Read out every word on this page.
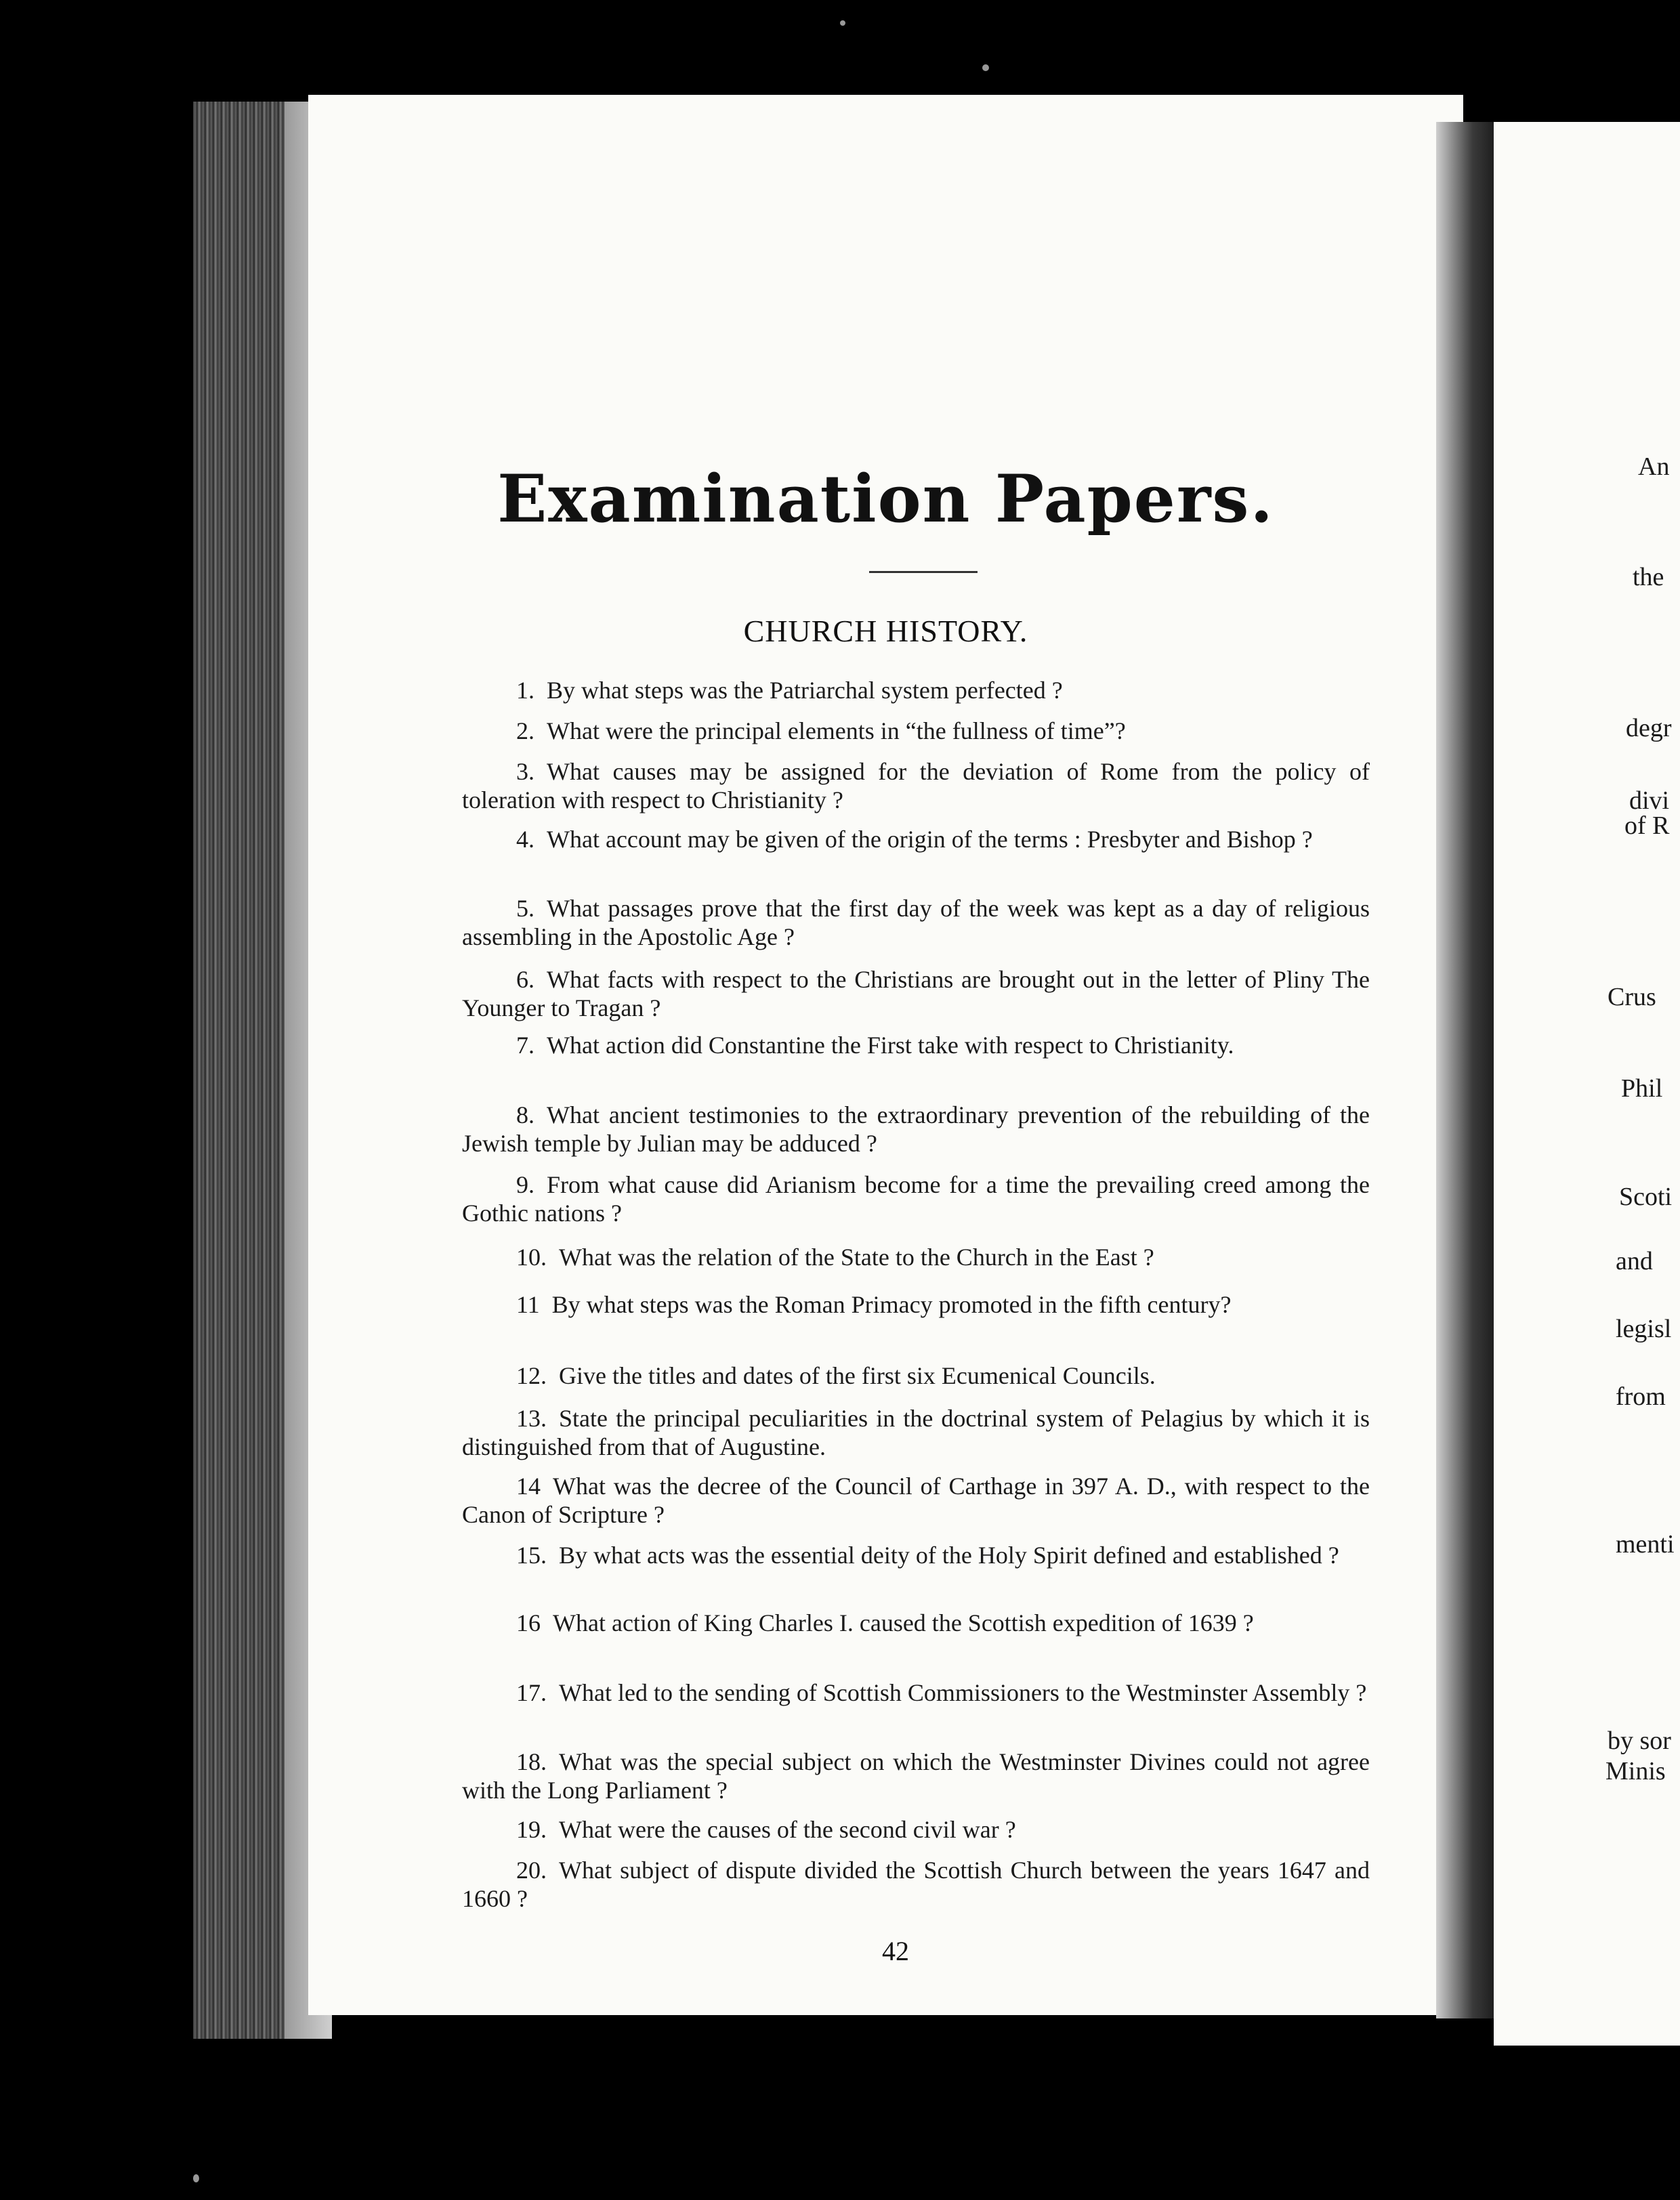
An
the
degr
divi
of R
Crus
Phil
Scoti
and
legisl
from
menti
by sor
Minis
Examination Papers.
CHURCH HISTORY.
1. By what steps was the Patriarchal system perfected ?
2. What were the principal elements in “the fullness of time”?
3. What causes may be assigned for the deviation of Rome from the policy of toleration with respect to Christianity ?
4. What account may be given of the origin of the terms : Presbyter and Bishop ?
5. What passages prove that the first day of the week was kept as a day of religious assembling in the Apostolic Age ?
6. What facts with respect to the Christians are brought out in the letter of Pliny The Younger to Tragan ?
7. What action did Constantine the First take with respect to Christianity.
8. What ancient testimonies to the extraordinary prevention of the rebuilding of the Jewish temple by Julian may be adduced ?
9. From what cause did Arianism become for a time the prevailing creed among the Gothic nations ?
10. What was the relation of the State to the Church in the East ?
11 By what steps was the Roman Primacy promoted in the fifth century?
12. Give the titles and dates of the first six Ecumenical Councils.
13. State the principal peculiarities in the doctrinal system of Pelagius by which it is distinguished from that of Augustine.
14 What was the decree of the Council of Carthage in 397 A. D., with respect to the Canon of Scripture ?
15. By what acts was the essential deity of the Holy Spirit defined and established ?
16 What action of King Charles I. caused the Scottish expedition of 1639 ?
17. What led to the sending of Scottish Commissioners to the Westminster Assembly ?
18. What was the special subject on which the Westminster Divines could not agree with the Long Parliament ?
19. What were the causes of the second civil war ?
20. What subject of dispute divided the Scottish Church between the years 1647 and 1660 ?
42
